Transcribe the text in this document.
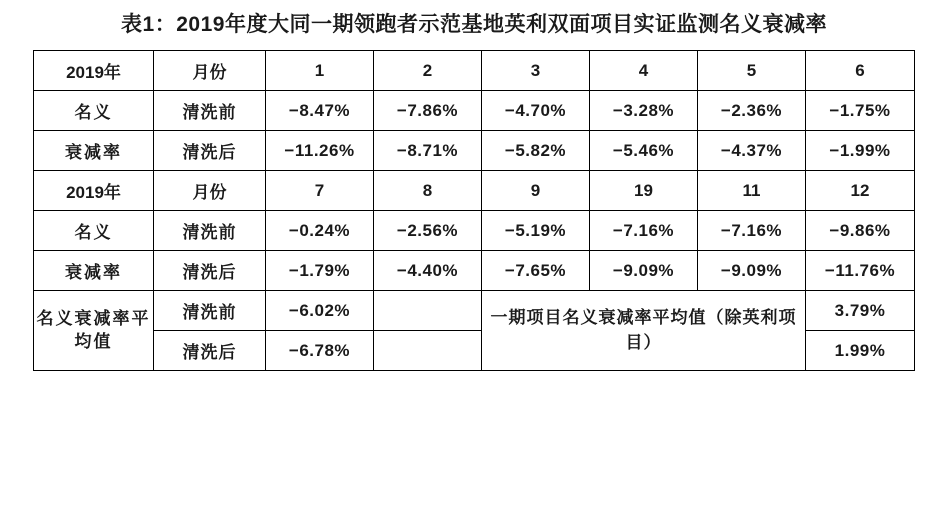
表1：2019年度大同一期领跑者示范基地英利双面项目实证监测名义衰减率
2019年	月份	1	2	3	4	5	6
名义	清洗前	−8.47%	−7.86%	−4.70%	−3.28%	−2.36%	−1.75%
衰减率	清洗后	−11.26%	−8.71%	−5.82%	−5.46%	−4.37%	−1.99%
2019年	月份	7	8	9	19	11	12
名义	清洗前	−0.24%	−2.56%	−5.19%	−7.16%	−7.16%	−9.86%
衰减率	清洗后	−1.79%	−4.40%	−7.65%	−9.09%	−9.09%	−11.76%
名义衰减率平均值	清洗前	−6.02%		一期项目名义衰减率平均值（除英利项目）			3.79%
	清洗后	−6.78%					1.99%
